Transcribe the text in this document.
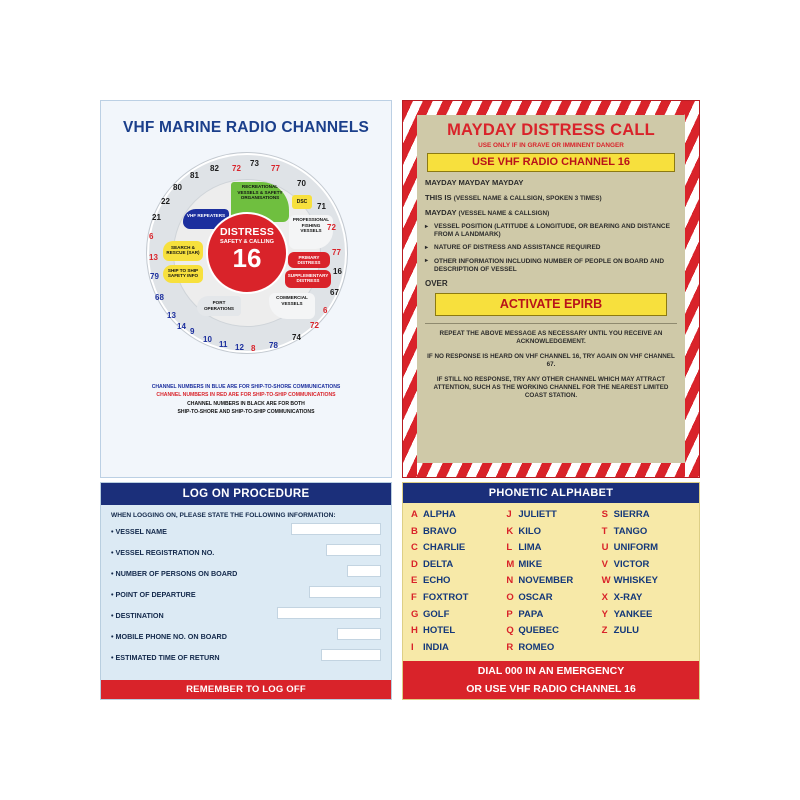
VHF MARINE RADIO CHANNELS
RECREATIONAL VESSELS & SAFETY ORGANISATIONS
DSC
PROFESSIONAL FISHING VESSELS
PRIMARY DISTRESS
SUPPLEMENTARY DISTRESS
COMMERCIAL VESSELS
PORT OPERATIONS
SHIP TO SHIP SAFETY INFO
SEARCH & RESCUE (SAR)
VHF REPEATERS
DISTRESS
SAFETY & CALLING
16
72
73
77
70
71
72
77
16
67
6
72
74
78
8
12
11
10
9
13
14
68
79
13
6
21
22
80
81
82
CHANNEL NUMBERS IN BLUE ARE FOR SHIP-TO-SHORE COMMUNICATIONS
CHANNEL NUMBERS IN RED ARE FOR SHIP-TO-SHIP COMMUNICATIONS
CHANNEL NUMBERS IN BLACK ARE FOR BOTH
SHIP-TO-SHORE AND SHIP-TO-SHIP COMMUNICATIONS
MAYDAY DISTRESS CALL
USE ONLY IF IN GRAVE OR IMMINENT DANGER
USE VHF RADIO CHANNEL 16
MAYDAY MAYDAY MAYDAY
THIS IS (VESSEL NAME & CALLSIGN, SPOKEN 3 TIMES)
MAYDAY (VESSEL NAME & CALLSIGN)
▸ VESSEL POSITION (LATITUDE & LONGITUDE, OR BEARING AND DISTANCE FROM A LANDMARK)
▸ NATURE OF DISTRESS AND ASSISTANCE REQUIRED
▸ OTHER INFORMATION INCLUDING NUMBER OF PEOPLE ON BOARD AND DESCRIPTION OF VESSEL
OVER
ACTIVATE EPIRB

REPEAT THE ABOVE MESSAGE AS NECESSARY UNTIL YOU RECEIVE AN ACKNOWLEDGEMENT.

IF NO RESPONSE IS HEARD ON VHF CHANNEL 16, TRY AGAIN ON VHF CHANNEL 67.

IF STILL NO RESPONSE, TRY ANY OTHER CHANNEL WHICH MAY ATTRACT ATTENTION, SUCH AS THE WORKING CHANNEL FOR THE NEAREST LIMITED COAST STATION.

LOG ON PROCEDURE
WHEN LOGGING ON, PLEASE STATE THE FOLLOWING INFORMATION:
• VESSEL NAME
• VESSEL REGISTRATION NO.
• NUMBER OF PERSONS ON BOARD
• POINT OF DEPARTURE
• DESTINATION
• MOBILE PHONE NO. ON BOARD
• ESTIMATED TIME OF RETURN
REMEMBER TO LOG OFF
PHONETIC ALPHABET
A ALPHA
B BRAVO
C CHARLIE
D DELTA
E ECHO
F FOXTROT
G GOLF
H HOTEL
I INDIA
J JULIETT
K KILO
L LIMA
M MIKE
N NOVEMBER
O OSCAR
P PAPA
Q QUEBEC
R ROMEO
S SIERRA
T TANGO
U UNIFORM
V VICTOR
W WHISKEY
X X-RAY
Y YANKEE
Z ZULU
DIAL 000 IN AN EMERGENCY
OR USE VHF RADIO CHANNEL 16
